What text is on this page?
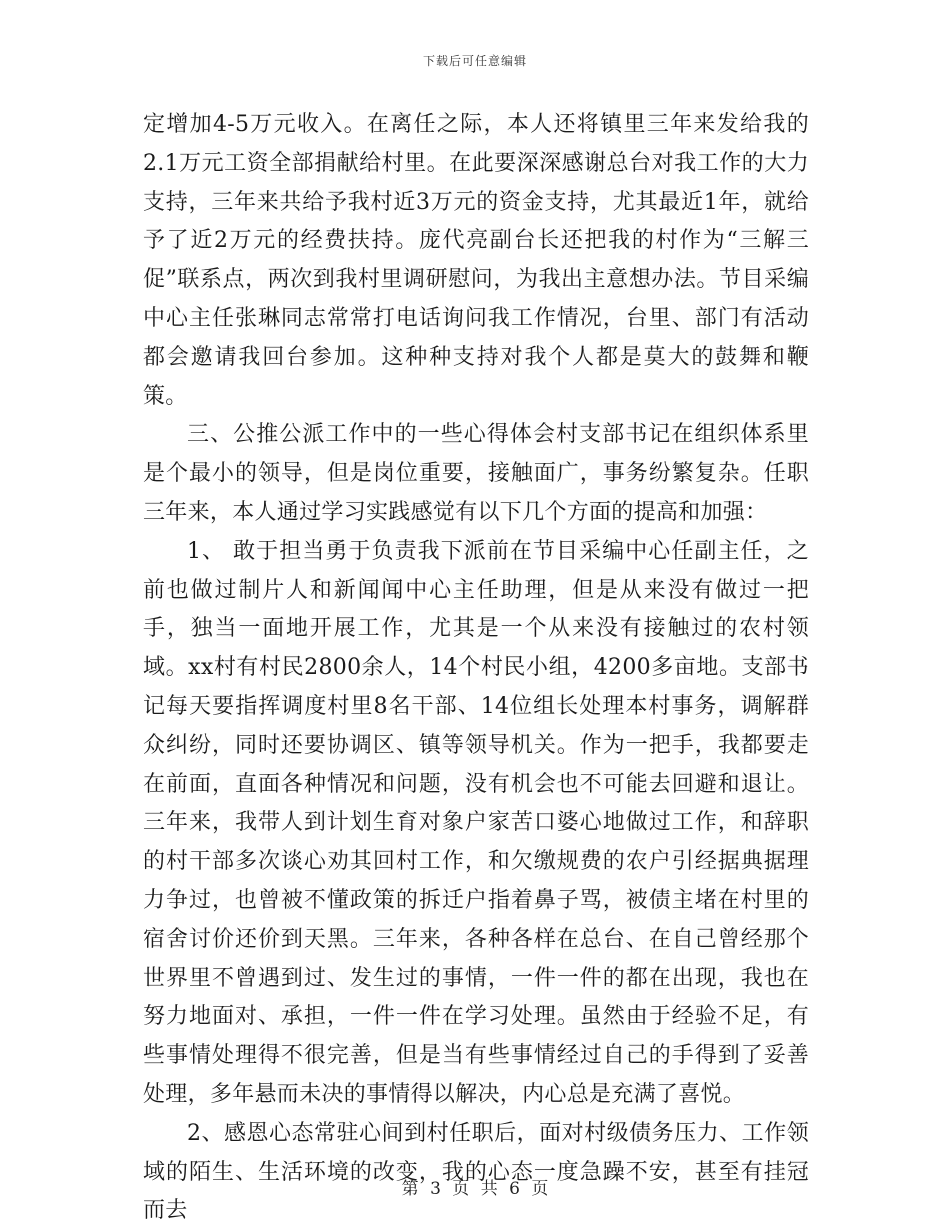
下载后可任意编辑

定增加4-5万元收入。在离任之际，本人还将镇里三年来发给我的2.1万元工资全部捐献给村里。在此要深深感谢总台对我工作的大力支持，三年来共给予我村近3万元的资金支持，尤其最近1年，就给予了近2万元的经费扶持。庞代亮副台长还把我的村作为“三解三促”联系点，两次到我村里调研慰问，为我出主意想办法。节目采编中心主任张琳同志常常打电话询问我工作情况，台里、部门有活动都会邀请我回台参加。这种种支持对我个人都是莫大的鼓舞和鞭策。

三、公推公派工作中的一些心得体会村支部书记在组织体系里是个最小的领导，但是岗位重要，接触面广，事务纷繁复杂。任职三年来，本人通过学习实践感觉有以下几个方面的提高和加强：

1、 敢于担当勇于负责我下派前在节目采编中心任副主任，之前也做过制片人和新闻闻中心主任助理，但是从来没有做过一把手，独当一面地开展工作，尤其是一个从来没有接触过的农村领域。xx村有村民2800余人，14个村民小组，4200多亩地。支部书记每天要指挥调度村里8名干部、14位组长处理本村事务，调解群众纠纷，同时还要协调区、镇等领导机关。作为一把手，我都要走在前面，直面各种情况和问题，没有机会也不可能去回避和退让。三年来，我带人到计划生育对象户家苦口婆心地做过工作，和辞职的村干部多次谈心劝其回村工作，和欠缴规费的农户引经据典据理力争过，也曾被不懂政策的拆迁户指着鼻子骂，被债主堵在村里的宿舍讨价还价到天黑。三年来，各种各样在总台、在自己曾经那个世界里不曾遇到过、发生过的事情，一件一件的都在出现，我也在努力地面对、承担，一件一件在学习处理。虽然由于经验不足，有些事情处理得不很完善，但是当有些事情经过自己的手得到了妥善处理，多年悬而未决的事情得以解决，内心总是充满了喜悦。

2、感恩心态常驻心间到村任职后，面对村级债务压力、工作领域的陌生、生活环境的改变，我的心态一度急躁不安，甚至有挂冠而去

第 3 页 共 6 页
